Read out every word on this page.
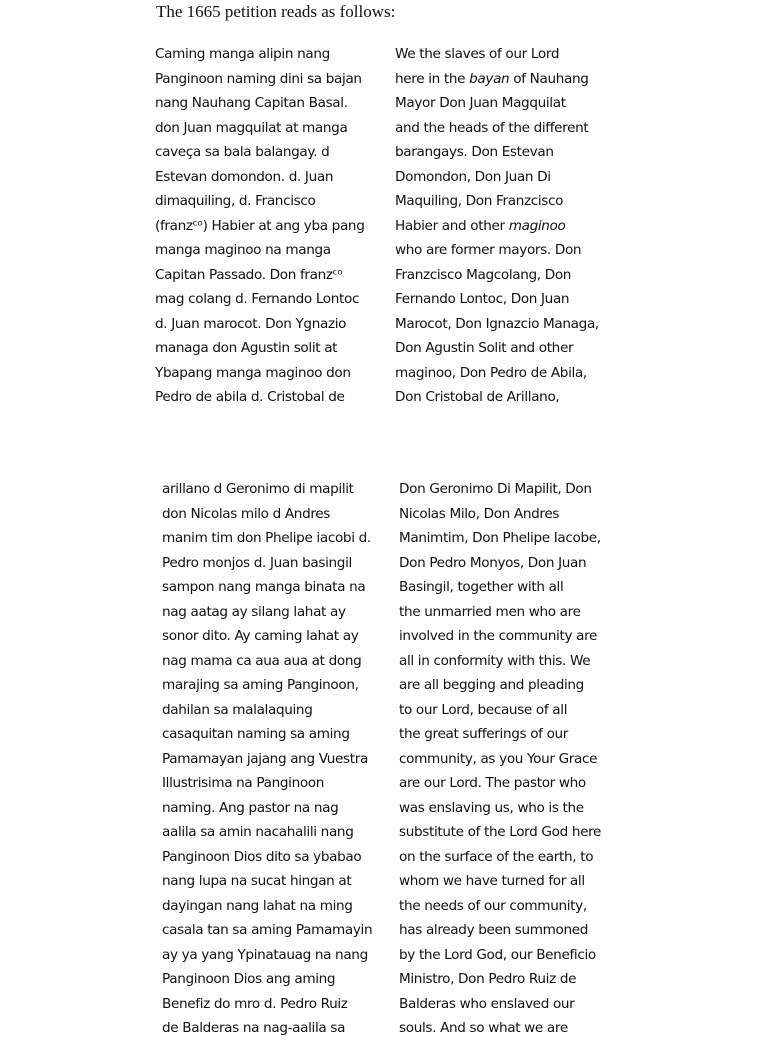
The 1665 petition reads as follows:

Caming manga alipin nang
Panginoon naming dini sa bajan
nang Nauhang Capitan Basal.
don Juan magquilat at manga
caveça sa bala balangay. d
Estevan domondon. d. Juan
dimaquiling, d. Francisco
(franzᶜᵒ) Habier at ang yba pang
manga maginoo na manga
Capitan Passado. Don franzᶜᵒ
mag colang d. Fernando Lontoc
d. Juan marocot. Don Ygnazio
managa don Agustin solit at
Ybapang manga maginoo don
Pedro de abila d. Cristobal de
We the slaves of our Lord
here in the bayan of Nauhang
Mayor Don Juan Magquilat
and the heads of the different
barangays. Don Estevan
Domondon, Don Juan Di
Maquiling, Don Franzcisco
Habier and other maginoo
who are former mayors. Don
Franzcisco Magcolang, Don
Fernando Lontoc, Don Juan
Marocot, Don Ignazcio Managa,
Don Agustin Solit and other
maginoo, Don Pedro de Abila,
Don Cristobal de Arillano,
arillano d Geronimo di mapilit
don Nicolas milo d Andres
manim tim don Phelipe iacobi d.
Pedro monjos d. Juan basingil
sampon nang manga binata na
nag aatag ay silang lahat ay
sonor dito. Ay caming lahat ay
nag mama ca aua aua at dong
marajing sa aming Panginoon,
dahilan sa malalaquing
casaquitan naming sa aming
Pamamayan jajang ang Vuestra
Illustrisima na Panginoon
naming. Ang pastor na nag
aalila sa amin nacahalili nang
Panginoon Dios dito sa ybabao
nang lupa na sucat hingan at
dayingan nang lahat na ming
casala tan sa aming Pamamayin
ay ya yang Ypinatauag na nang
Panginoon Dios ang aming
Benefiz do mro d. Pedro Ruiz
de Balderas na nag-aalila sa
Don Geronimo Di Mapilit, Don
Nicolas Milo, Don Andres
Manimtim, Don Phelipe Iacobe,
Don Pedro Monyos, Don Juan
Basingil, together with all
the unmarried men who are
involved in the community are
all in conformity with this. We
are all begging and pleading
to our Lord, because of all
the great sufferings of our
community, as you Your Grace
are our Lord. The pastor who
was enslaving us, who is the
substitute of the Lord God here
on the surface of the earth, to
whom we have turned for all
the needs of our community,
has already been summoned
by the Lord God, our Beneficio
Ministro, Don Pedro Ruiz de
Balderas who enslaved our
souls. And so what we are
